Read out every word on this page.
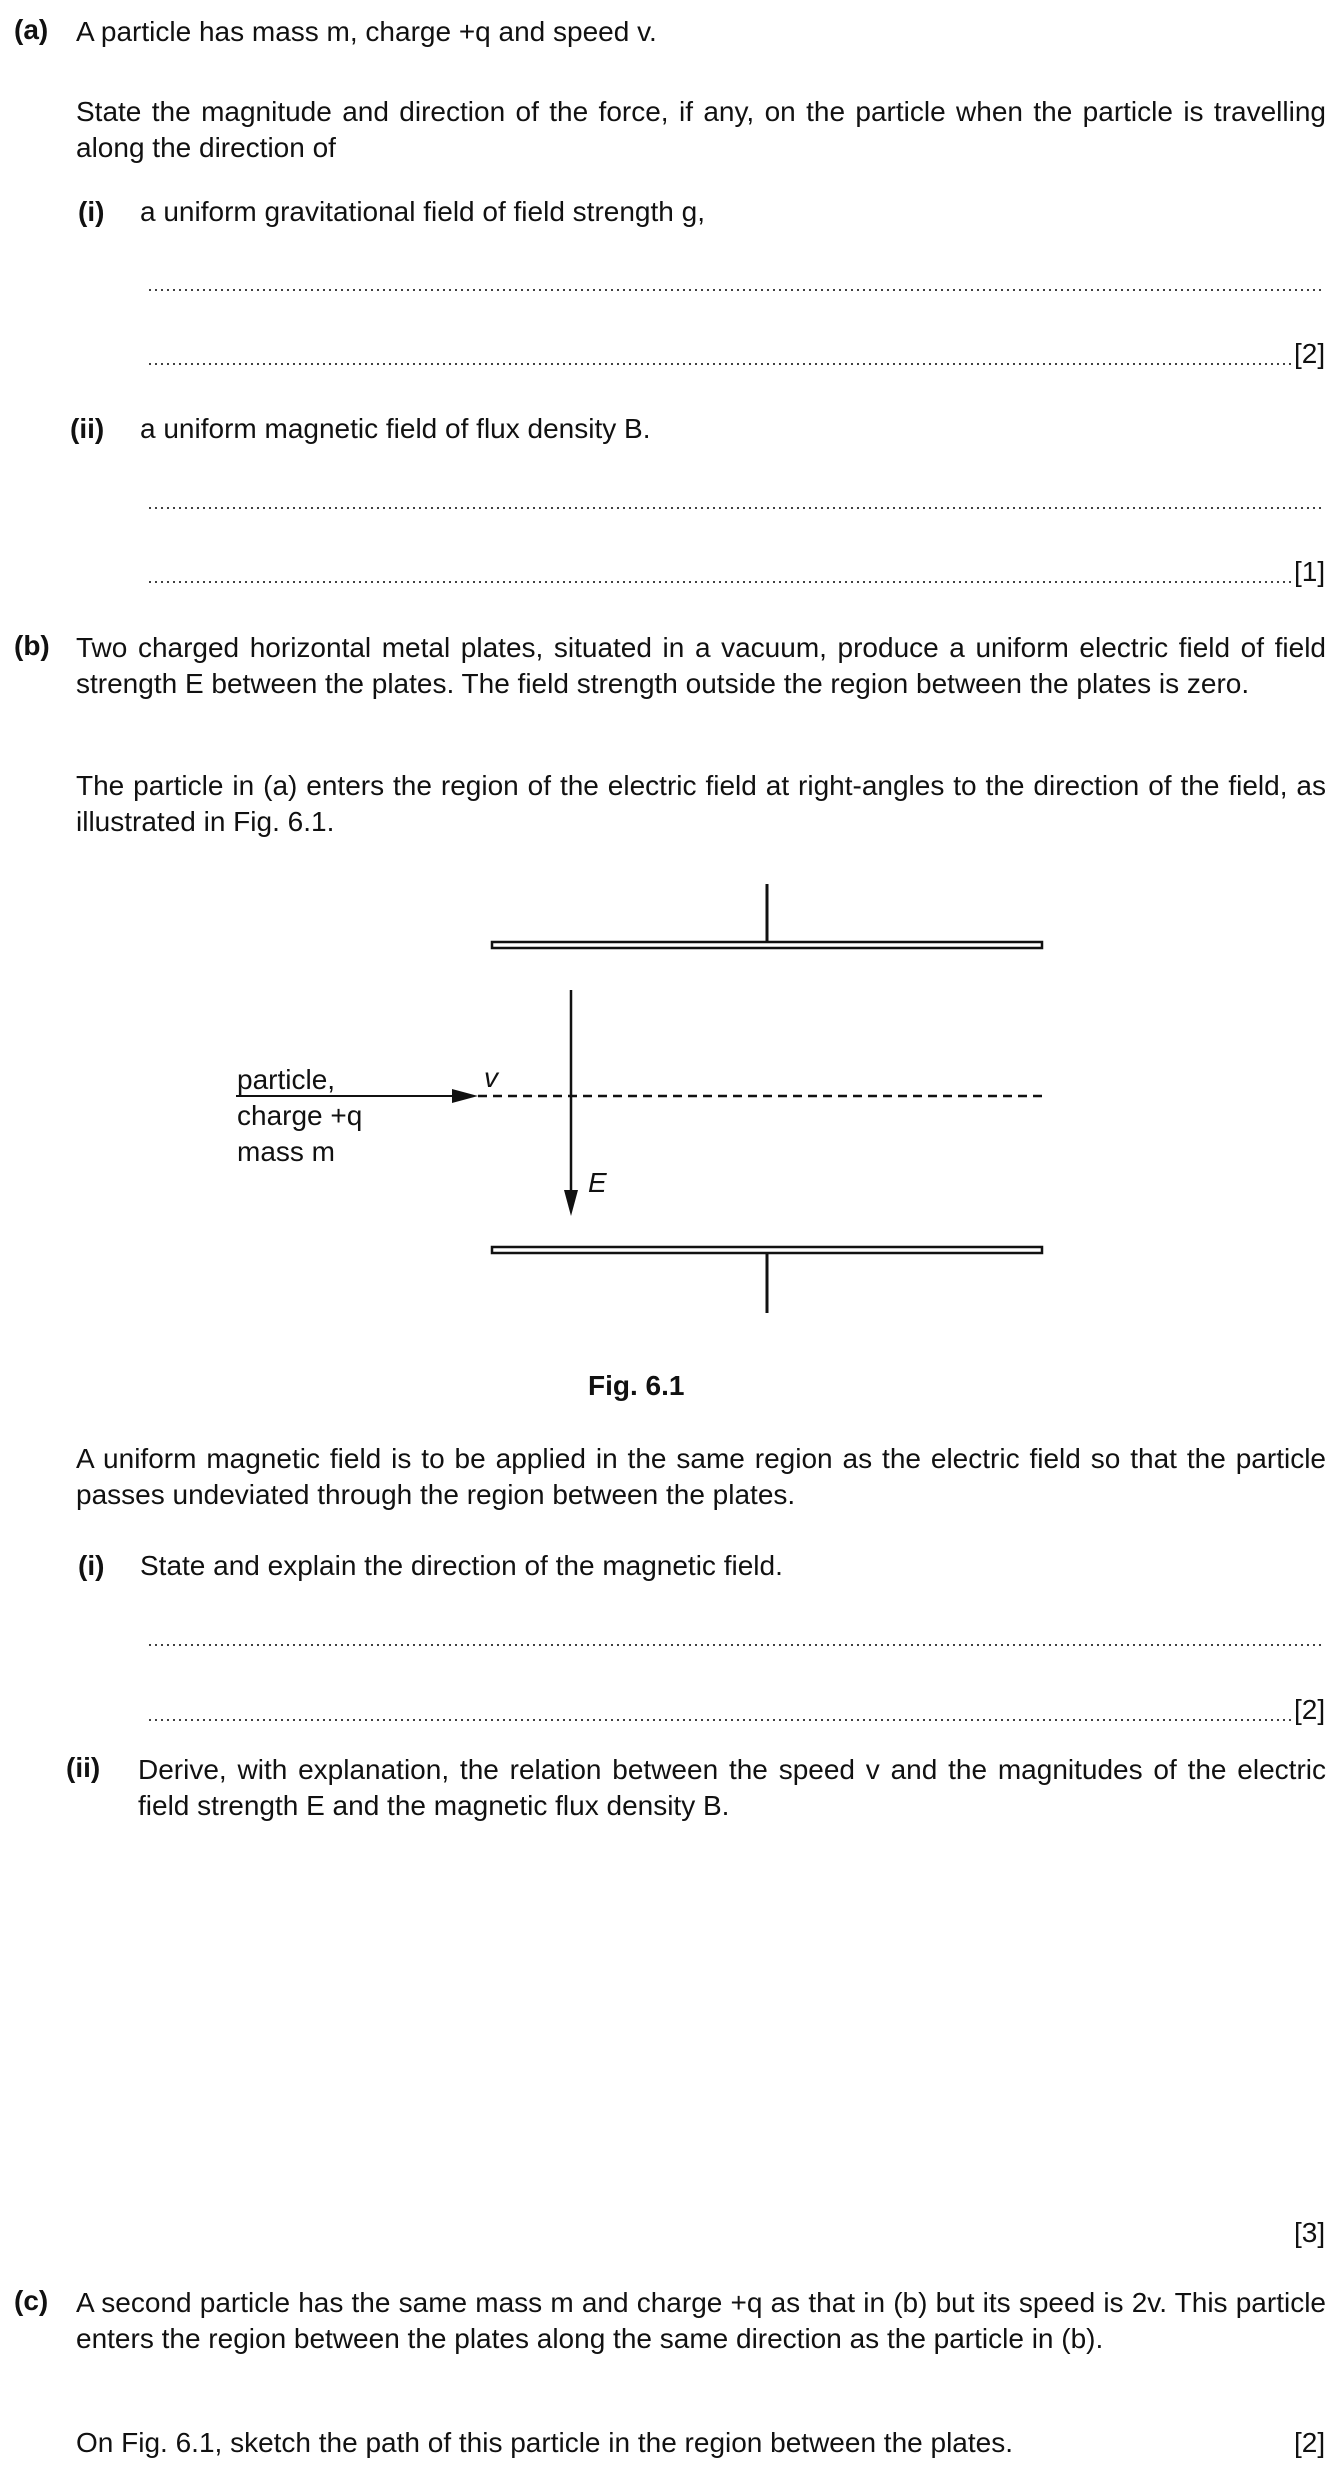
(a) A particle has mass m, charge +q and speed v.
State the magnitude and direction of the force, if any, on the particle when the particle is travelling along the direction of
(i) a uniform gravitational field of field strength g,
[2]
(ii) a uniform magnetic field of flux density B.
[1]
(b) Two charged horizontal metal plates, situated in a vacuum, produce a uniform electric field of field strength E between the plates. The field strength outside the region between the plates is zero.
The particle in (a) enters the region of the electric field at right-angles to the direction of the field, as illustrated in Fig. 6.1.
particle,
charge +q
mass m
v
E
Fig. 6.1
A uniform magnetic field is to be applied in the same region as the electric field so that the particle passes undeviated through the region between the plates.
(i) State and explain the direction of the magnetic field.
[2]
(ii) Derive, with explanation, the relation between the speed v and the magnitudes of the electric field strength E and the magnetic flux density B.
[3]
(c) A second particle has the same mass m and charge +q as that in (b) but its speed is 2v. This particle enters the region between the plates along the same direction as the particle in (b).
On Fig. 6.1, sketch the path of this particle in the region between the plates.	[2]
